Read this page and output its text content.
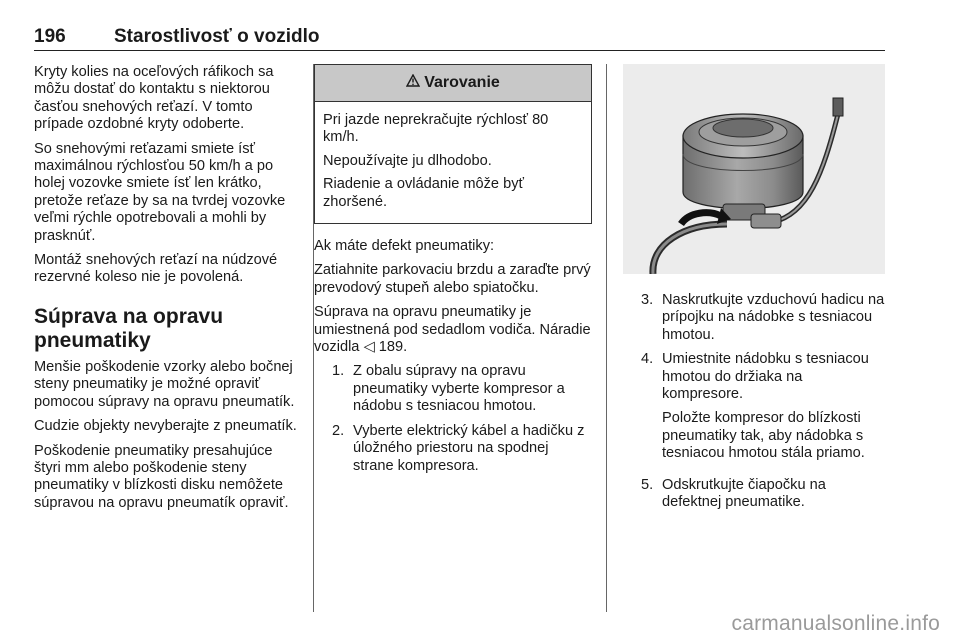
196	Starostlivosť o vozidlo

Kryty kolies na oceľových ráfikoch sa môžu dostať do kontaktu s niektorou časťou snehových reťazí. V tomto prípade ozdobné kryty odoberte.

So snehovými reťazami smiete ísť maximálnou rýchlosťou 50 km/h a po holej vozovke smiete ísť len krátko, pretože reťaze by sa na tvrdej vozovke veľmi rýchle opotrebovali a mohli by prasknúť.

Montáž snehových reťazí na núdzové rezervné koleso nie je povolená.

Súprava na opravu pneumatiky

Menšie poškodenie vzorky alebo bočnej steny pneumatiky je možné opraviť pomocou súpravy na opravu pneumatík.

Cudzie objekty nevyberajte z pneumatík.

Poškodenie pneumatiky presahujúce štyri mm alebo poškodenie steny pneumatiky v blízkosti disku nemôžete súpravou na opravu pneumatík opraviť.

Varovanie

Pri jazde neprekračujte rýchlosť 80 km/h.

Nepoužívajte ju dlhodobo.

Riadenie a ovládanie môže byť zhoršené.

Ak máte defekt pneumatiky:

Zatiahnite parkovaciu brzdu a zaraďte prvý prevodový stupeň alebo spiatočku.

Súprava na opravu pneumatiky je umiestnená pod sedadlom vodiča. Náradie vozidla ◁ 189.

1. Z obalu súpravy na opravu pneumatiky vyberte kompresor a nádobu s tesniacou hmotou.
2. Vyberte elektrický kábel a hadičku z úložného priestoru na spodnej strane kompresora.
3. Naskrutkujte vzduchovú hadicu na prípojku na nádobke s tesniacou hmotou.
4. Umiestnite nádobku s tesniacou hmotou do držiaka na kompresore.

Položte kompresor do blízkosti pneumatiky tak, aby nádobka s tesniacou hmotou stála priamo.

5. Odskrutkujte čiapočku na defektnej pneumatike.
carmanualsonline.info
